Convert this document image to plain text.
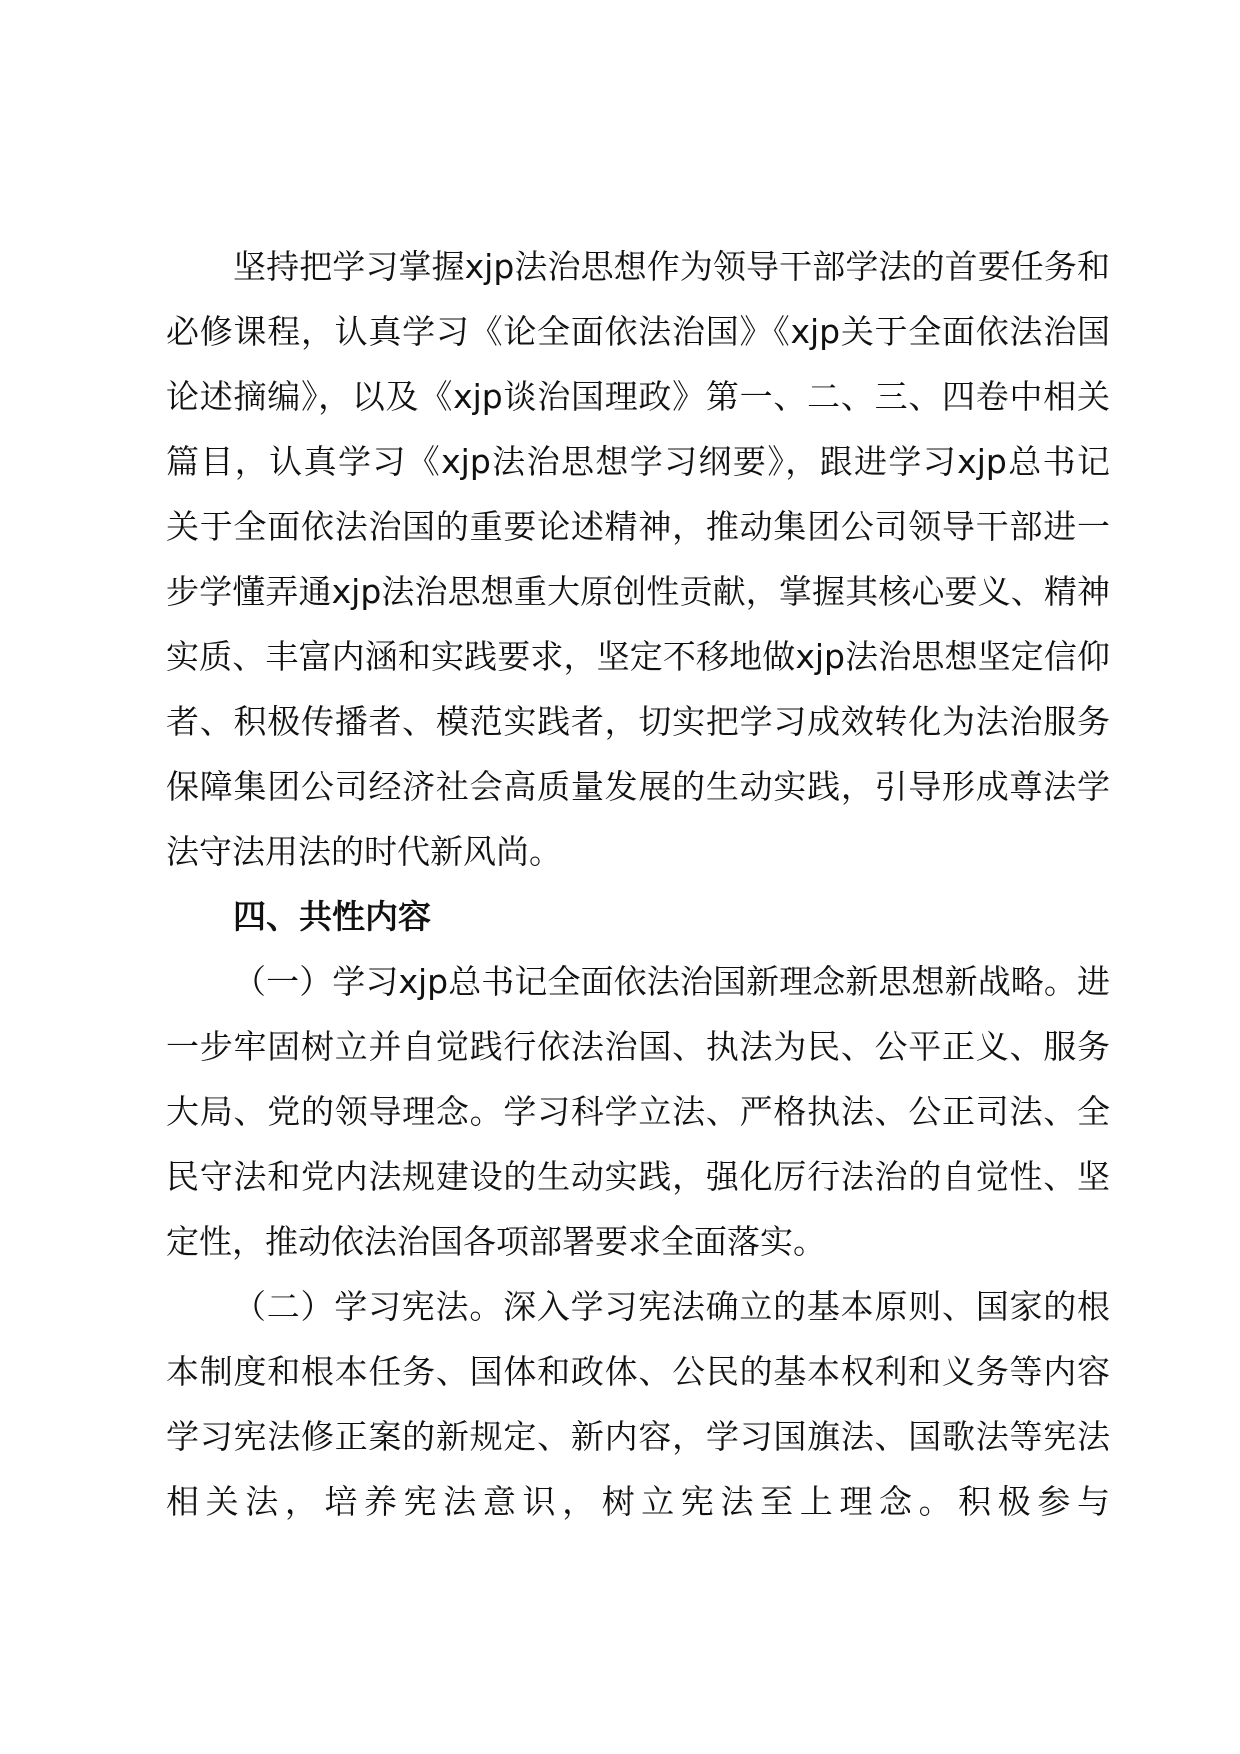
坚持把学习掌握xjp法治思想作为领导干部学法的首要任务和
必修课程，认真学习《论全面依法治国》《xjp关于全面依法治国
论述摘编》，以及《xjp谈治国理政》第一、二、三、四卷中相关
篇目，认真学习《xjp法治思想学习纲要》，跟进学习xjp总书记
关于全面依法治国的重要论述精神，推动集团公司领导干部进一
步学懂弄通xjp法治思想重大原创性贡献，掌握其核心要义、精神
实质、丰富内涵和实践要求，坚定不移地做xjp法治思想坚定信仰
者、积极传播者、模范实践者，切实把学习成效转化为法治服务
保障集团公司经济社会高质量发展的生动实践，引导形成尊法学
法守法用法的时代新风尚。
四、共性内容
（一）学习xjp总书记全面依法治国新理念新思想新战略。进
一步牢固树立并自觉践行依法治国、执法为民、公平正义、服务
大局、党的领导理念。学习科学立法、严格执法、公正司法、全
民守法和党内法规建设的生动实践，强化厉行法治的自觉性、坚
定性，推动依法治国各项部署要求全面落实。
（二）学习宪法。深入学习宪法确立的基本原则、国家的根
本制度和根本任务、国体和政体、公民的基本权利和义务等内容
学习宪法修正案的新规定、新内容，学习国旗法、国歌法等宪法
相关法，培养宪法意识，树立宪法至上理念。积极参与
